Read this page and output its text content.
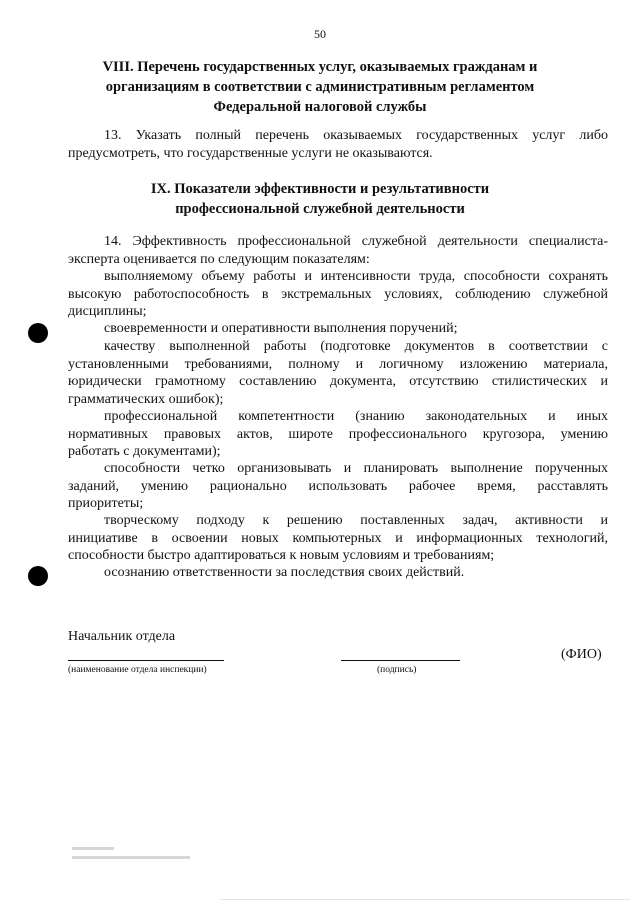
50
VIII. Перечень государственных услуг, оказываемых гражданам и
организациям в соответствии с административным регламентом
Федеральной налоговой службы
13. Указать полный перечень оказываемых государственных услуг либо
предусмотреть, что государственные услуги не оказываются.
IX. Показатели эффективности и результативности
профессиональной служебной деятельности
14. Эффективность профессиональной служебной деятельности специалиста-
эксперта оценивается по следующим показателям:
выполняемому объему работы и интенсивности труда, способности сохранять
высокую работоспособность в экстремальных условиях, соблюдению служебной
дисциплины;
своевременности и оперативности выполнения поручений;
качеству выполненной работы (подготовке документов в соответствии с
установленными требованиями, полному и логичному изложению материала,
юридически грамотному составлению документа, отсутствию стилистических и
грамматических ошибок);
профессиональной компетентности (знанию законодательных и иных
нормативных правовых актов, широте профессионального кругозора, умению
работать с документами);
способности четко организовывать и планировать выполнение порученных
заданий, умению рационально использовать рабочее время, расставлять
приоритеты;
творческому подходу к решению поставленных задач, активности и
инициативе в освоении новых компьютерных и информационных технологий,
способности быстро адаптироваться к новым условиям и требованиям;
осознанию ответственности за последствия своих действий.
Начальник отдела
(наименование отдела инспекции)	(подпись)
(ФИО)
